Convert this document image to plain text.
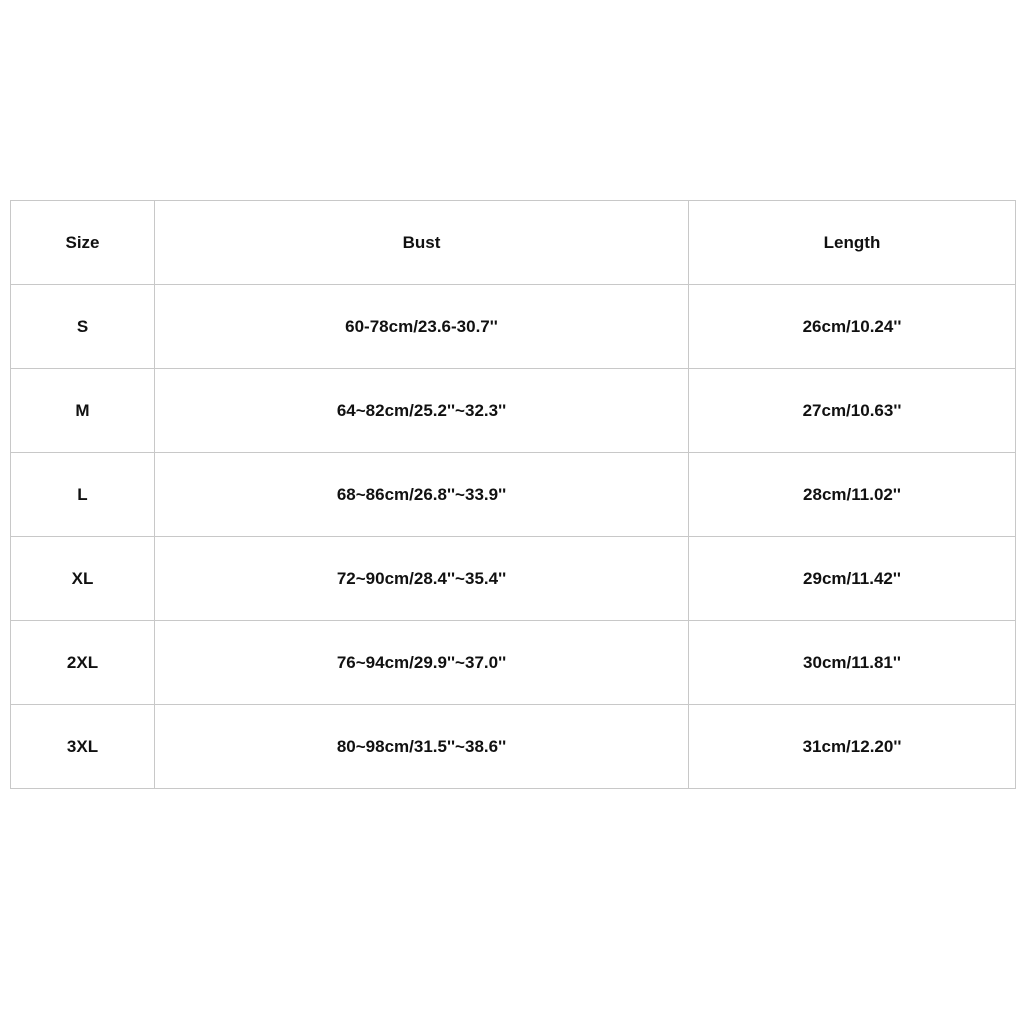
Size	Bust	Length
S	60-78cm/23.6-30.7''	26cm/10.24''
M	64~82cm/25.2''~32.3''	27cm/10.63''
L	68~86cm/26.8''~33.9''	28cm/11.02''
XL	72~90cm/28.4''~35.4''	29cm/11.42''
2XL	76~94cm/29.9''~37.0''	30cm/11.81''
3XL	80~98cm/31.5''~38.6''	31cm/12.20''
